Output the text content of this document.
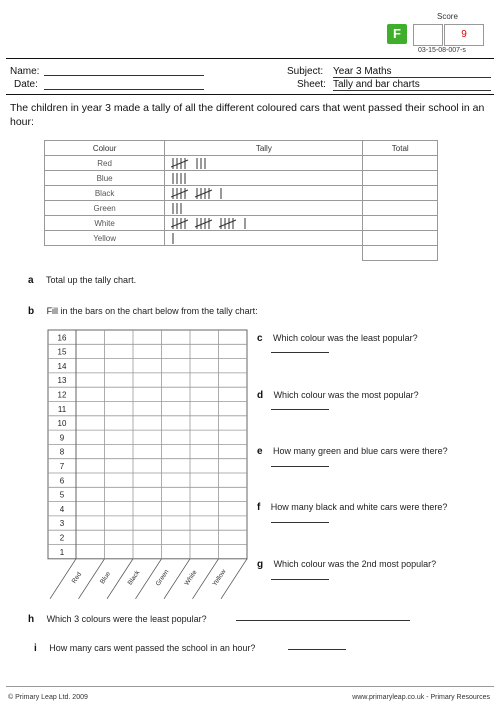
Score
F	9
03-15-08-007-s
Name:
Date:
Subject: Year 3 Maths
Sheet: Tally and bar charts
The children in year 3 made a tally of all the different coloured cars that went passed their school in an hour:
Colour	Tally	Total
Red	

Blue	

Black	

Green	

White	

Yellow	

a Total up the tally chart.
b Fill in the bars on the chart below from the tally chart:
16
15
14
13
12
11
10
9
8
7
6
5
4
3
2
1
Red Blue Black Green White Yellow
c Which colour was the least popular?
d Which colour was the most popular?
e How many green and blue cars were there?
f How many black and white cars were there?
g Which colour was the 2nd most popular?
h Which 3 colours were the least popular?
i How many cars went passed the school in an hour?
© Primary Leap Ltd. 2009	www.primaryleap.co.uk - Primary Resources
